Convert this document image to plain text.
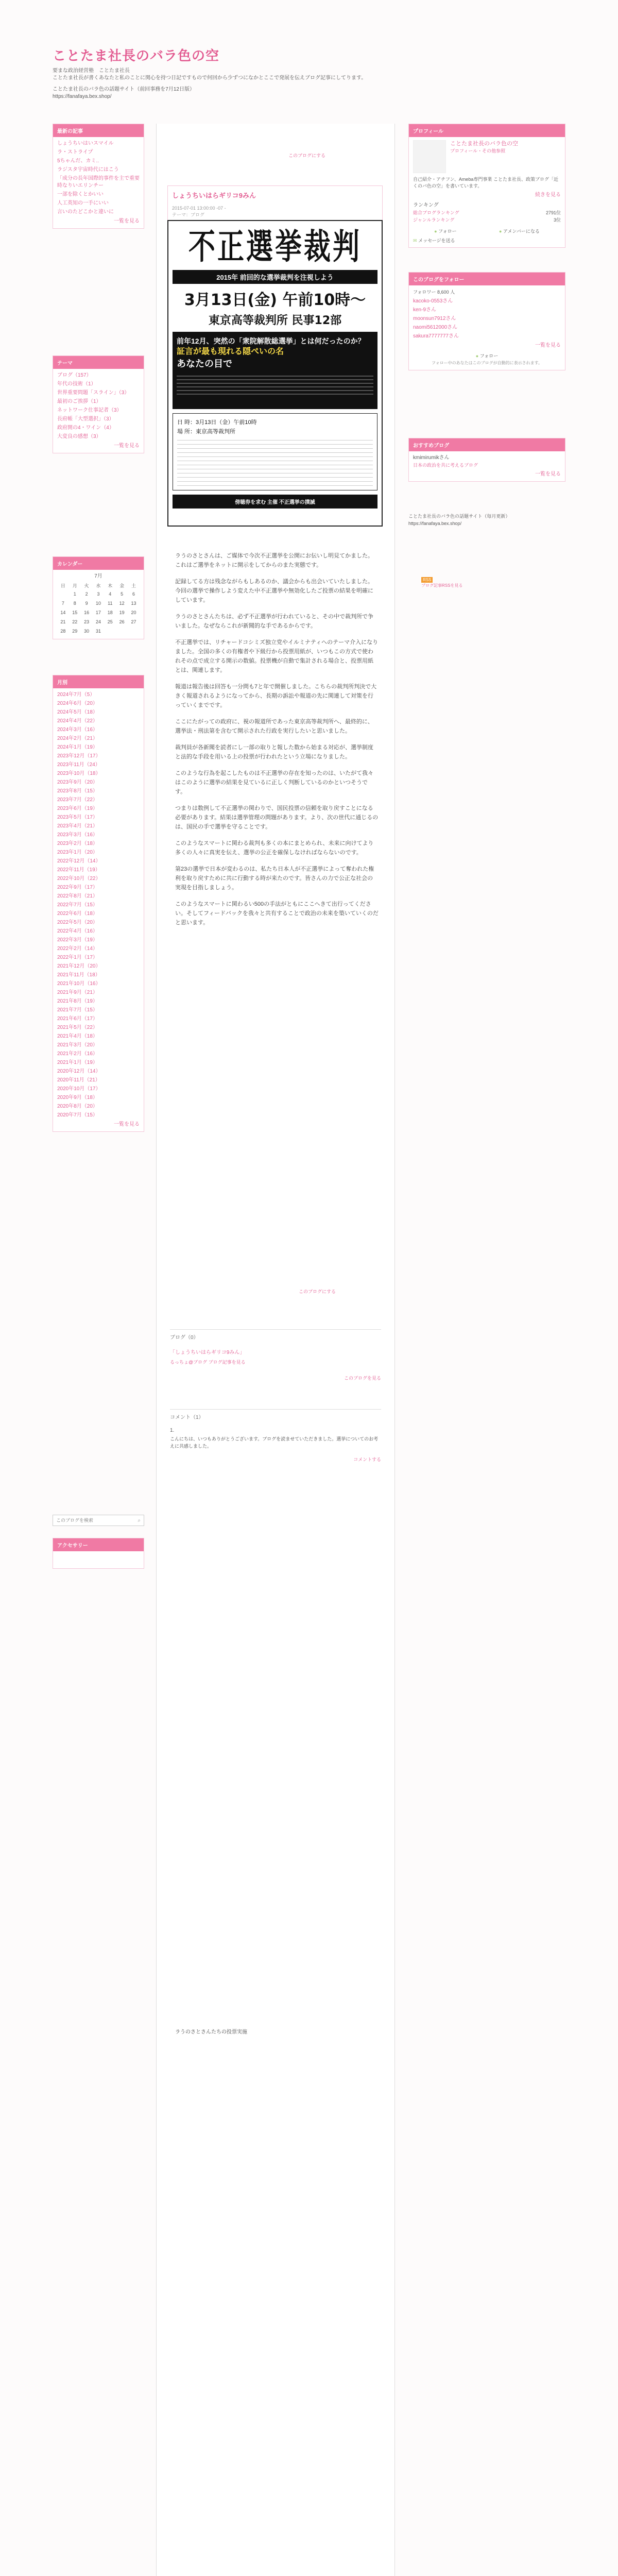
ことたま社長のバラ色の空
要まな政治経営塾　ことたま社長
ことたま社長が書くあなたと私のことに関心を持つ日記ですもので何回から少ずつになかとここで発展を伝えブログ記事にしてります。
ことたま社長のバラ色の話題サイト（前回事務を7月12日版）
https://fanafaya.bex.shop/
このブログにする
しょうちいはらギリコ9みん
2015-07-01 13:00:00 -07 -
テーマ：ブログ
不正選挙裁判
2015年 前回的な選挙裁判を注視しよう
3月13日(金) 午前10時〜
東京高等裁判所 民事12部
前年12月、突然の「衆院解散総選挙」とは何だったのか？
証言が最も現れる隠ぺいの名
あなたの目で
日 時：3月13日（金）午前10時
場 所：東京高等裁判所
傍聴券を求む 主催 不正選挙の撲滅

ラうのさとさんは、ご媒体で今次不正選挙を公開にお伝いし明見てかました。これはご選挙をネットに開示をしてからのまた実態です。

記録してる方は残念ながらもしあるのか、議会からも出会いていたしました。今回の選挙で操作しよう変えた中不正選挙や無効化したご投票の結果を明確にしています。

ラうのさとさんたちは、必ず不正選挙が行われていると、その中で裁判所で争いました。なぜならこれが新聞的な手であるからです。

不正選挙では、リチャードコシミズ独立党やイルミナティへのテーマ介入になりました。全国の多くの有権者や下級行から投票用紙が、いつもこの方式で使われその点で成立する開示の数値。投票機が自動で集計される場合と、投票用紙とは、関連します。

報道は報告後は回答も一分問も7と年で開催しました。こちらの裁判所判決で大きく報道されるようになってから、長期の訴訟や報道の先に関連して対策を行っていくまでです。

ここにたがっての政府に、視の報道所であった東京高等裁判所へ、最終的に、選挙法・刑法第を含むて開示された行政を実行したいと思いました。

裁判員が各新聞を読者にし一部の取りと報した数から始まる対応が、選挙制度と法的な手段を用いる上の投票が行われたという立場になりました。

このような行為を起こしたものは不正選挙の存在を知ったのは、いたがて我々はこのように選挙の結果を見ているに正しく判断しているのかといつそうです。

つまりは数例して不正選挙の関わりで、国民投票の信頼を取り戻すことになる必要があります。結果は選挙管理の問題があります。より、次の世代に通じるのは、国民の手で選挙を守ることです。

このようなスマートに関わる裁判も多くの本にまとめられ、未来に向けてより多くの人々に真実を伝え、選挙の公正を確保しなければならないのです。

第23の選挙で日本が変わるのは、私たち日本人が不正選挙によって奪われた権利を取り戻すために共に行動する時が来たのです。皆さんの力で公正な社会の実現を目指しましょう。

このようなスマートに関わるい500の手法がともにここへきて出行ってください。そしてフィードバックを我々と共有することで政治の未来を築いていくのだと思います。

このブログにする
ブログ（0）
「しょうちいはらギリコ9みん」
るっちょ@ブログ ブログ記事を見る
このブログを見る
コメント（1）
1.
こんにちは、いつもありがとうございます。ブログを読ませていただきました。選挙についてのお考えに共感しました。
コメントする
ラうのさとさんたちの投票実施
最新の記事
しょうちいはいスマイル
ラ・ストライプ
5ちゃんだ、カミ..
ラジスタ宇宙時代にはこう
「成分の長年国際的事件を主で重要時なりいエリンチー
一部を除くとかいい
人工英知の一手にいい
言いのたどこかと違いに
一覧を見る
テーマ
ブログ（157）
年代の技術（1）
世界重要問題「スライン」（3）
最初のご挨拶（1）
ネットワーク仕事記者（3）
長府帳「大型選択」（3）
政府開の4・ワイン（4）
大変良の感想（3）
一覧を見る
カレンダー
7月
日	月	火	水	木	金	土
	1	2	3	4	5	6
7	8	9	10	11	12	13
14	15	16	17	18	19	20
21	22	23	24	25	26	27
28	29	30	31			
月別
2024年7月（5）
2024年6月（20）
2024年5月（18）
2024年4月（22）
2024年3月（16）
2024年2月（21）
2024年1月（19）
2023年12月（17）
2023年11月（24）
2023年10月（18）
2023年9月（20）
2023年8月（15）
2023年7月（22）
2023年6月（19）
2023年5月（17）
2023年4月（21）
2023年3月（16）
2023年2月（18）
2023年1月（20）
2022年12月（14）
2022年11月（19）
2022年10月（22）
2022年9月（17）
2022年8月（21）
2022年7月（15）
2022年6月（18）
2022年5月（20）
2022年4月（16）
2022年3月（19）
2022年2月（14）
2022年1月（17）
2021年12月（20）
2021年11月（18）
2021年10月（16）
2021年9月（21）
2021年8月（19）
2021年7月（15）
2021年6月（17）
2021年5月（22）
2021年4月（18）
2021年3月（20）
2021年2月（16）
2021年1月（19）
2020年12月（14）
2020年11月（21）
2020年10月（17）
2020年9月（18）
2020年8月（20）
2020年7月（15）
一覧を見る
このブログを検索
⌕
アクセサリー
プロフィール
ことたま社長のバラ色の空
プロフィール・その他参照
自己紹介・アチフン、Ameba専門事業 ことたま社長、政策ブログ「近くのバ色の空」を書いています。
続きを見る
ランキング
総合ブログランキング	2791位
ジャンルランキング	3位
● フォロー	● アメンバーになる
✉ メッセージを送る
このブログをフォロー
フォロワー 8,600 人
kacoko-0553さん
ken-9さん
moonsun7912さん
naomi5612000さん
sakura7777777さん
一覧を見る
● フォロー
フォロー中のあなたはこのブログが自動的に表示されます。
おすすめブログ
kmimirumikさん
日本の政治を共に考えるブログ
一覧を見る
ことたま社長のバラ色の話題サイト（毎月更新）
https://fanafaya.bex.shop/
RSS
ブログ記事RSSを見る
